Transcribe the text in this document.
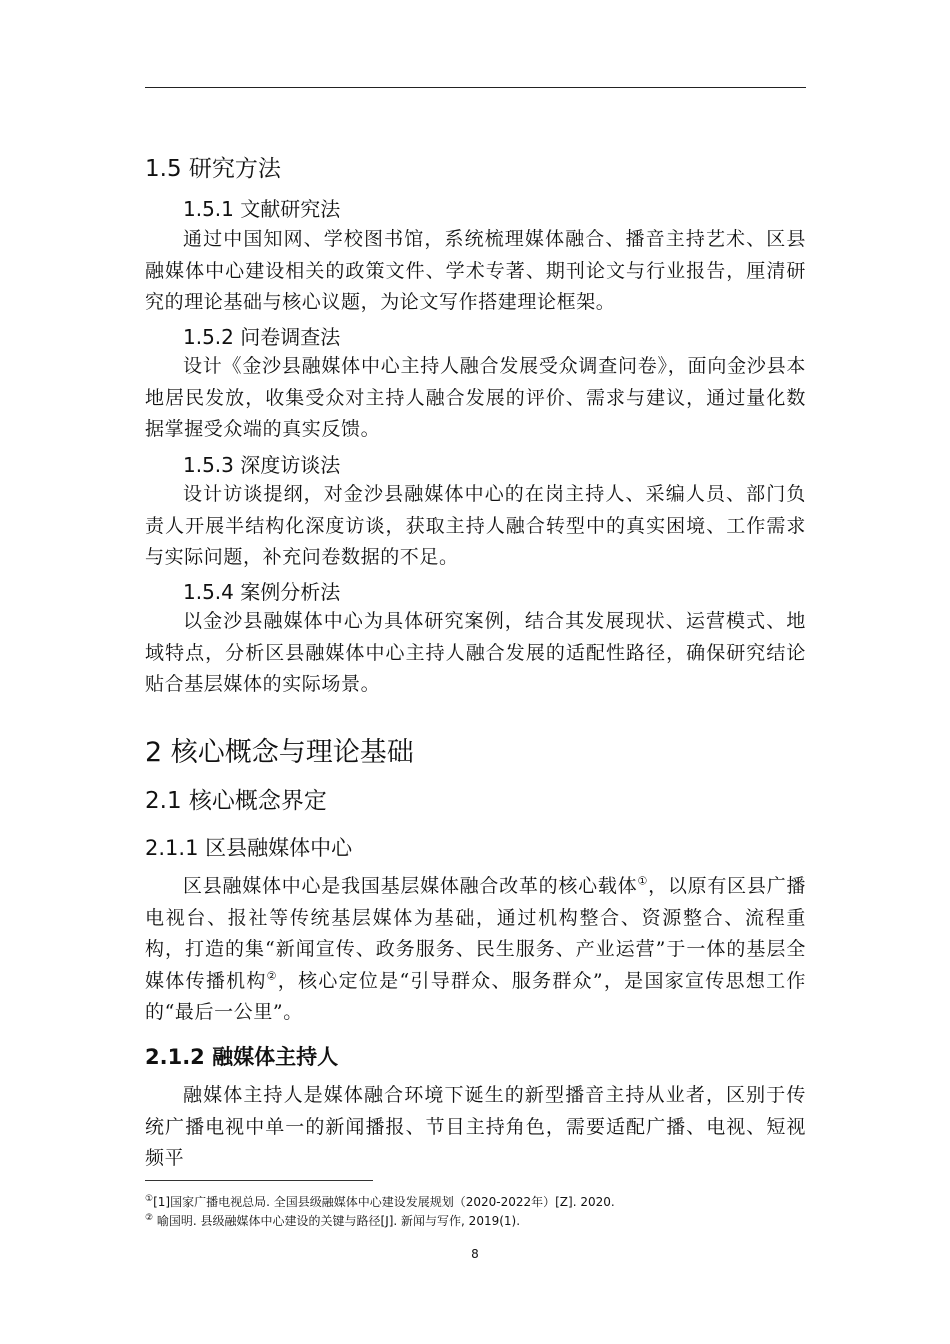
1.5 研究方法
1.5.1 文献研究法

通过中国知网、学校图书馆，系统梳理媒体融合、播音主持艺术、区县融媒体中心建设相关的政策文件、学术专著、期刊论文与行业报告，厘清研究的理论基础与核心议题，为论文写作搭建理论框架。

1.5.2 问卷调查法

设计《金沙县融媒体中心主持人融合发展受众调查问卷》，面向金沙县本地居民发放，收集受众对主持人融合发展的评价、需求与建议，通过量化数据掌握受众端的真实反馈。

1.5.3 深度访谈法

设计访谈提纲，对金沙县融媒体中心的在岗主持人、采编人员、部门负责人开展半结构化深度访谈，获取主持人融合转型中的真实困境、工作需求与实际问题，补充问卷数据的不足。

1.5.4 案例分析法

以金沙县融媒体中心为具体研究案例，结合其发展现状、运营模式、地域特点，分析区县融媒体中心主持人融合发展的适配性路径，确保研究结论贴合基层媒体的实际场景。

2 核心概念与理论基础
2.1 核心概念界定
2.1.1 区县融媒体中心

区县融媒体中心是我国基层媒体融合改革的核心载体①，以原有区县广播电视台、报社等传统基层媒体为基础，通过机构整合、资源整合、流程重构，打造的集“新闻宣传、政务服务、民生服务、产业运营”于一体的基层全媒体传播机构②，核心定位是“引导群众、服务群众”，是国家宣传思想工作的“最后一公里”。

2.1.2 融媒体主持人

融媒体主持人是媒体融合环境下诞生的新型播音主持从业者，区别于传统广播电视中单一的新闻播报、节目主持角色，需要适配广播、电视、短视频平

①[1]国家广播电视总局. 全国县级融媒体中心建设发展规划（2020-2022年）[Z]. 2020.
② 喻国明. 县级融媒体中心建设的关键与路径[J]. 新闻与写作, 2019(1).
8
